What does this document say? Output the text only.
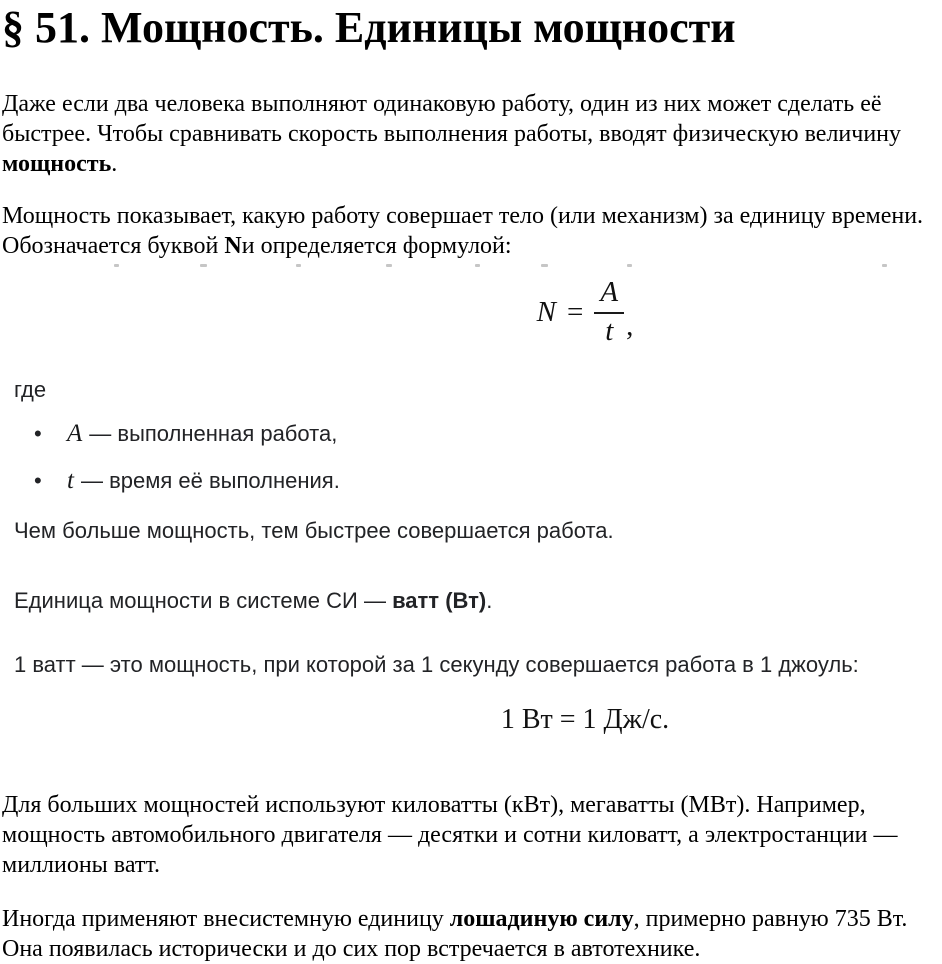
§ 51. Мощность. Единицы мощности

Даже если два человека выполняют одинаковую работу, один из них может сделать её быстрее. Чтобы сравнивать скорость выполнения работы, вводят физическую величину мощность.

Мощность показывает, какую работу совершает тело (или механизм) за единицу времени. Обозначается буквой Nи определяется формулой:

$N = \frac{A}{t}$ ,
где
• A — выполненная работа,
• t — время её выполнения.

Чем больше мощность, тем быстрее совершается работа.

Единица мощности в системе СИ — ватт (Вт).

1 ватт — это мощность, при которой за 1 секунду совершается работа в 1 джоуль:

1 Вт = 1 Дж/с.

Для больших мощностей используют киловатты (кВт), мегаватты (МВт). Например, мощность автомобильного двигателя — десятки и сотни киловатт, а электростанции — миллионы ватт.

Иногда применяют внесистемную единицу лошадиную силу, примерно равную 735 Вт. Она появилась исторически и до сих пор встречается в автотехнике.
